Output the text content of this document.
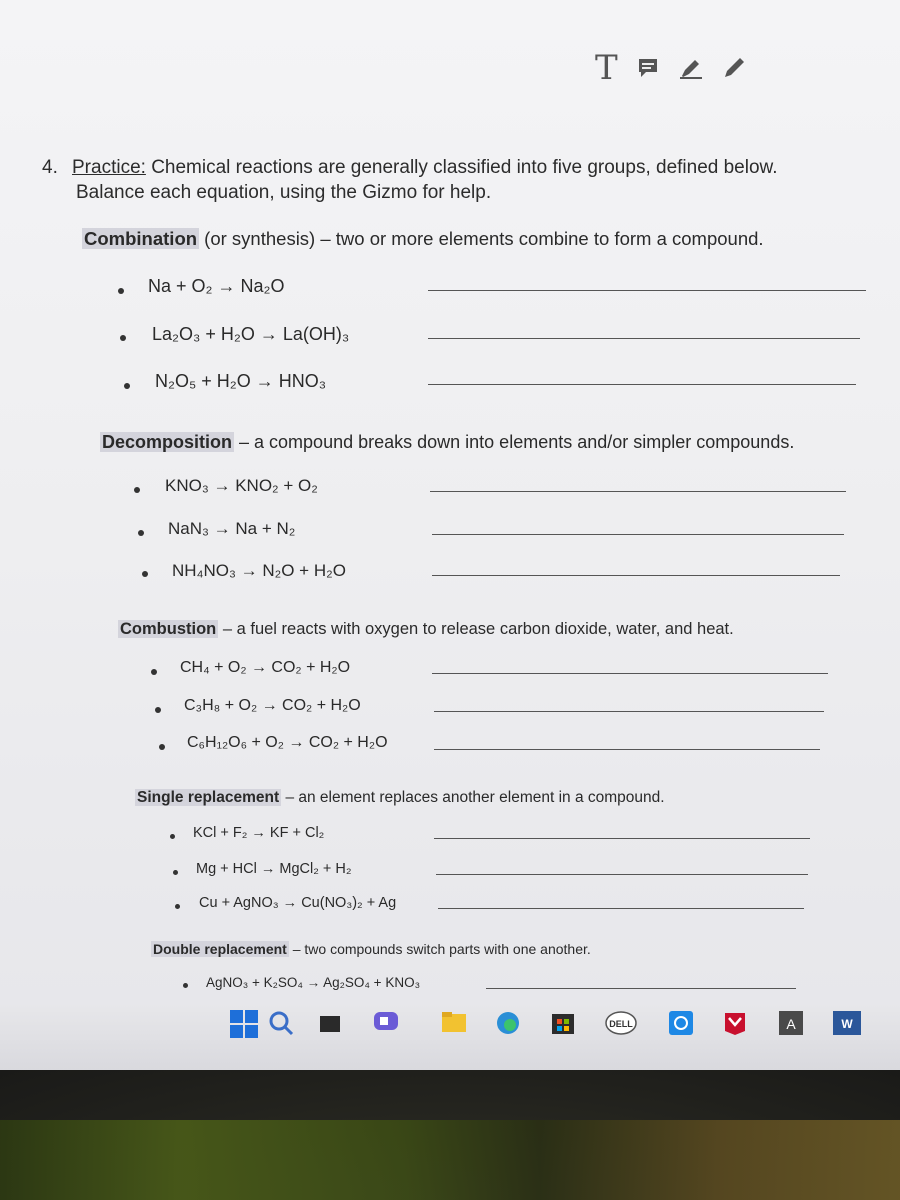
T
4. Practice: Chemical reactions are generally classified into five groups, defined below.
Balance each equation, using the Gizmo for help.
Combination (or synthesis) – two or more elements combine to form a compound.
Na + O₂ → Na₂O
La₂O₃ + H₂O → La(OH)₃
N₂O₅ + H₂O → HNO₃
Decomposition – a compound breaks down into elements and/or simpler compounds.
KNO₃ → KNO₂ + O₂
NaN₃ → Na + N₂
NH₄NO₃ → N₂O + H₂O
Combustion – a fuel reacts with oxygen to release carbon dioxide, water, and heat.
CH₄ + O₂ → CO₂ + H₂O
C₃H₈ + O₂ → CO₂ + H₂O
C₆H₁₂O₆ + O₂ → CO₂ + H₂O
Single replacement – an element replaces another element in a compound.
KCl + F₂ → KF + Cl₂
Mg + HCl → MgCl₂ + H₂
Cu + AgNO₃ → Cu(NO₃)₂ + Ag
Double replacement – two compounds switch parts with one another.
AgNO₃ + K₂SO₄ → Ag₂SO₄ + KNO₃
DELL	A	W
